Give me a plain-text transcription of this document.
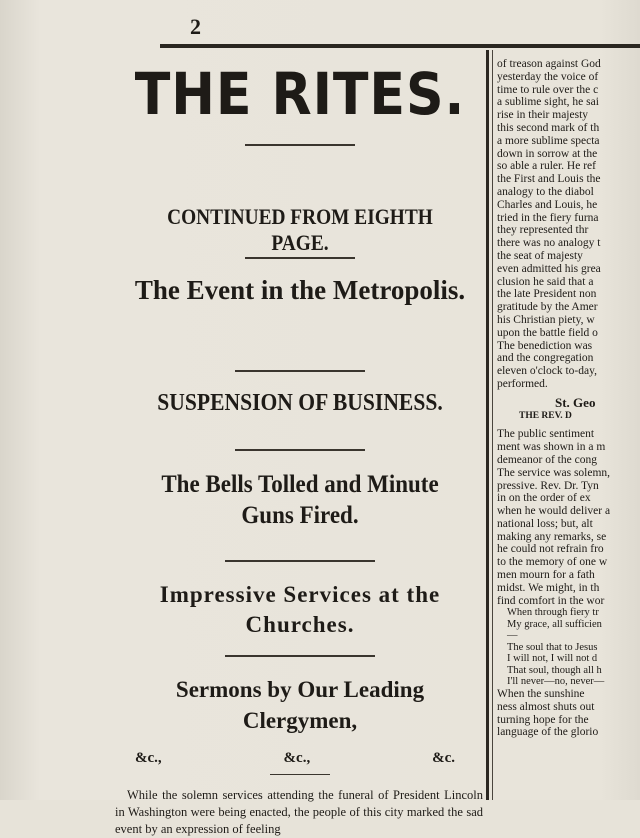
2
THE RITES.
CONTINUED FROM EIGHTH PAGE.
The Event in the Metropolis.
SUSPENSION OF BUSINESS.
The Bells Tolled and Minute Guns Fired.
Impressive Services at the Churches.
Sermons by Our Leading Clergymen,
&c.,	&c.,	&c.

While the solemn services attending the funeral of President Lincoln in Washington were being enacted, the people of this city marked the sad event by an expression of feeling

of treason against God
yesterday the voice of
time to rule over the c
a sublime sight, he sai
rise in their majesty
this second mark of th
a more sublime specta
down in sorrow at the
so able a ruler. He ref
the First and Louis the
analogy to the diabol
Charles and Louis, he
tried in the fiery furna
they represented thr
there was no analogy t
the seat of majesty
even admitted his grea
clusion he said that a
the late President non
gratitude by the Amer
his Christian piety, w
upon the battle field o
The benediction was
and the congregation
eleven o'clock to-day,
performed.
St. Geo
THE REV. D
The public sentiment
ment was shown in a m
demeanor of the cong
The service was solemn,
pressive. Rev. Dr. Tyn
in on the order of ex
when he would deliver a
national loss; but, alt
making any remarks, se
he could not refrain fro
to the memory of one w
men mourn for a fath
midst. We might, in th
find comfort in the wor
When through fiery tr
My grace, all sufficien
—
The soul that to Jesus
I will not, I will not d
That soul, though all h
I'll never—no, never—
When the sunshine
ness almost shuts out
turning hope for the
language of the glorio
